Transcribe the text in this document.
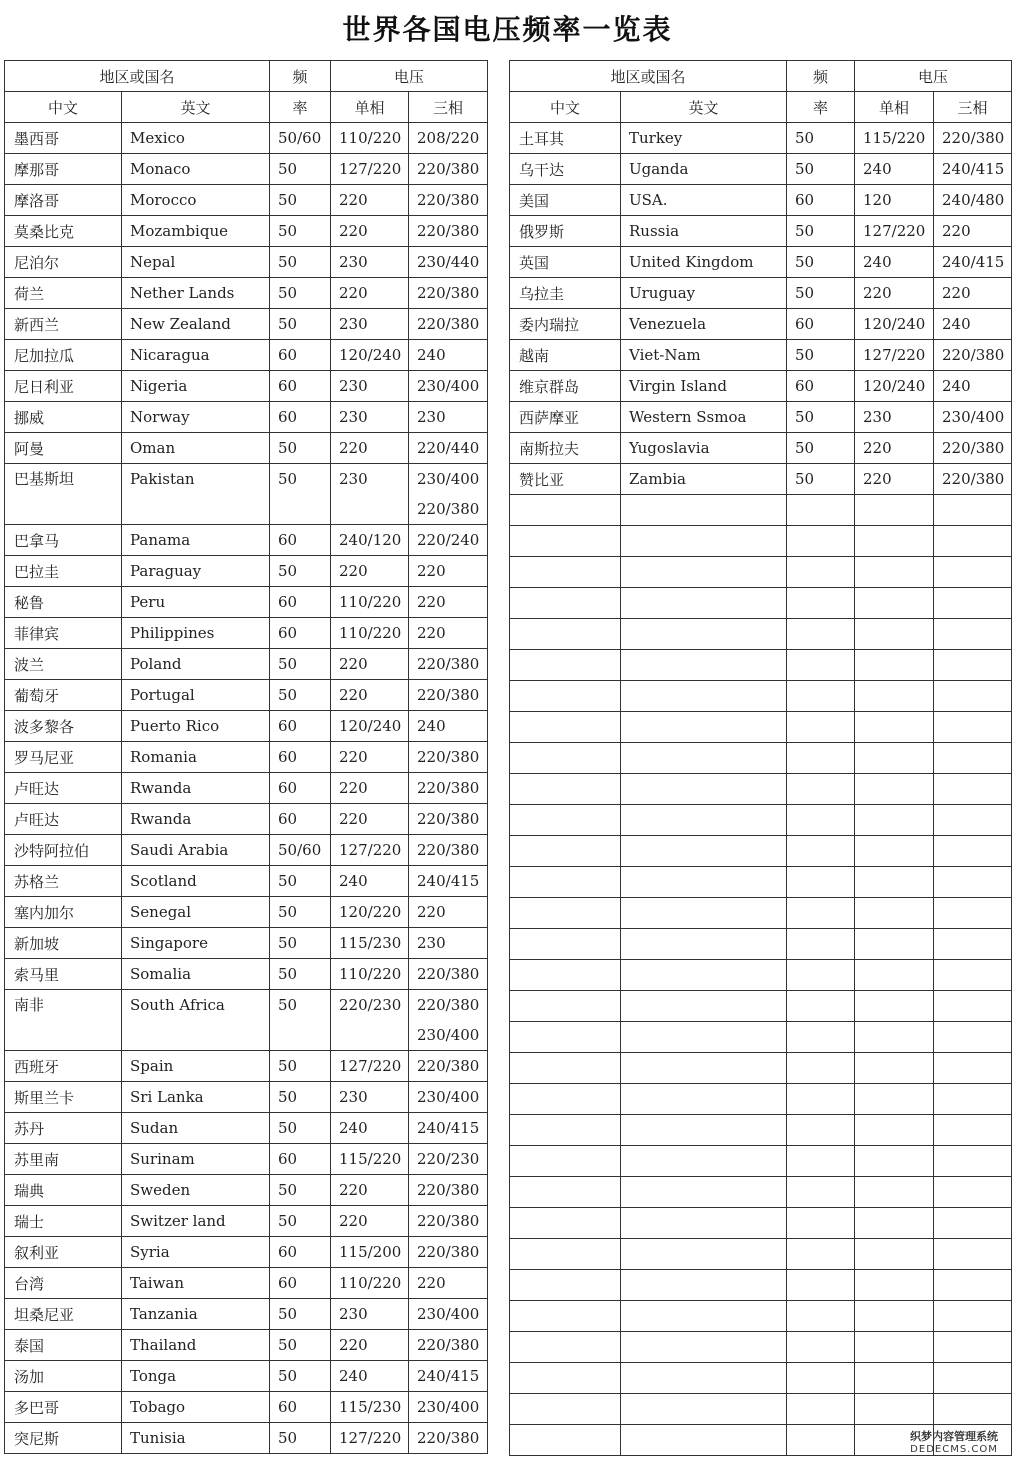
世界各国电压频率一览表
地区或国名		频	电压	
中文	英文	率	单相	三相
墨西哥	Mexico	50/60	110/220	208/220
摩那哥	Monaco	50	127/220	220/380
摩洛哥	Morocco	50	220	220/380
莫桑比克	Mozambique	50	220	220/380
尼泊尔	Nepal	50	230	230/440
荷兰	Nether Lands	50	220	220/380
新西兰	New Zealand	50	230	220/380
尼加拉瓜	Nicaragua	60	120/240	240
尼日利亚	Nigeria	60	230	230/400
挪威	Norway	60	230	230
阿曼	Oman	50	220	220/440

巴基斯坦	Pakistan	50	230	230/400
220/380

巴拿马	Panama	60	240/120	220/240
巴拉圭	Paraguay	50	220	220
秘鲁	Peru	60	110/220	220
菲律宾	Philippines	60	110/220	220
波兰	Poland	50	220	220/380
葡萄牙	Portugal	50	220	220/380
波多黎各	Puerto Rico	60	120/240	240
罗马尼亚	Romania	60	220	220/380
卢旺达	Rwanda	60	220	220/380
卢旺达	Rwanda	60	220	220/380
沙特阿拉伯	Saudi Arabia	50/60	127/220	220/380
苏格兰	Scotland	50	240	240/415
塞内加尔	Senegal	50	120/220	220
新加坡	Singapore	50	115/230	230
索马里	Somalia	50	110/220	220/380

南非	South Africa	50	220/230	220/380
230/400

西班牙	Spain	50	127/220	220/380
斯里兰卡	Sri Lanka	50	230	230/400
苏丹	Sudan	50	240	240/415
苏里南	Surinam	60	115/220	220/230
瑞典	Sweden	50	220	220/380
瑞士	Switzer land	50	220	220/380
叙利亚	Syria	60	115/200	220/380
台湾	Taiwan	60	110/220	220
坦桑尼亚	Tanzania	50	230	230/400
泰国	Thailand	50	220	220/380
汤加	Tonga	50	240	240/415
多巴哥	Tobago	60	115/230	230/400
突尼斯	Tunisia	50	127/220	220/380
地区或国名		频	电压	
中文	英文	率	单相	三相
土耳其	Turkey	50	115/220	220/380
乌干达	Uganda	50	240	240/415
美国	USA.	60	120	240/480
俄罗斯	Russia	50	127/220	220
英国	United Kingdom	50	240	240/415
乌拉圭	Uruguay	50	220	220
委内瑞拉	Venezuela	60	120/240	240
越南	Viet-Nam	50	127/220	220/380
维京群岛	Virgin Island	60	120/240	240
西萨摩亚	Western Ssmoa	50	230	230/400
南斯拉夫	Yugoslavia	50	220	220/380
赞比亚	Zambia	50	220	220/380

织梦内容管理系统
DEDECMS.COM
